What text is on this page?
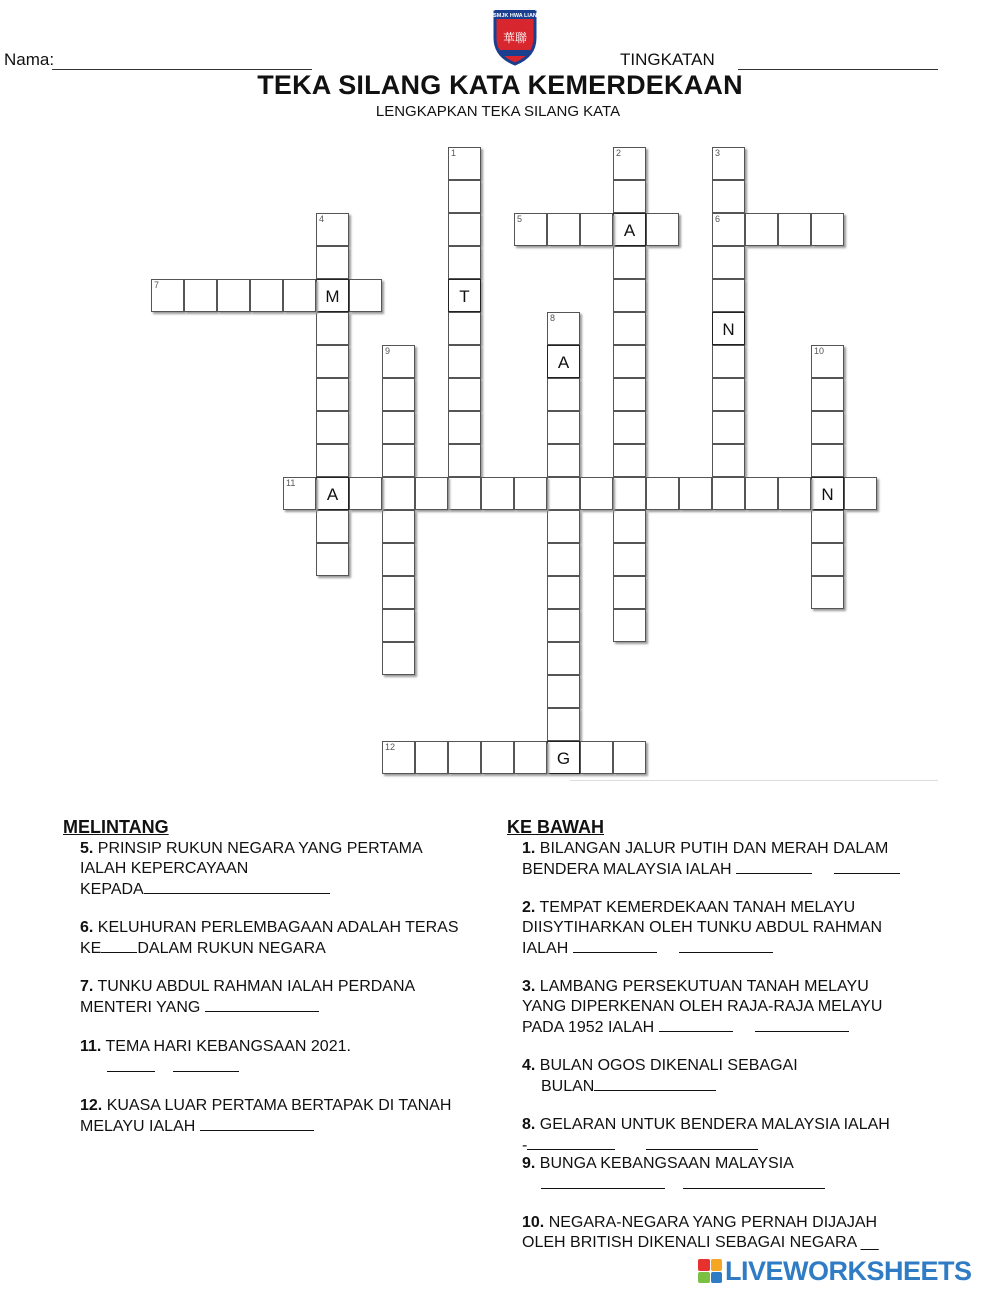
Nama:
SMJK HWA LIAN
華聯
TINGKATAN
TEKA SILANG KATA KEMERDEKAAN
LENGKAPKAN TEKA SILANG KATA
1
T
2
A
3
6
N
4
M
A
5
7
8
A
G
9	10
N
11
12
MELINTANG
5. PRINSIP RUKUN NEGARA YANG PERTAMA
IALAH KEPERCAYAAN
KEPADA
6. KELUHURAN PERLEMBAGAAN ADALAH TERAS
KE DALAM RUKUN NEGARA
7. TUNKU ABDUL RAHMAN IALAH PERDANA
MENTERI YANG
11. TEMA HARI KEBANGSAAN 2021.

12. KUASA LUAR PERTAMA BERTAPAK DI TANAH
MELAYU IALAH
KE BAWAH
1. BILANGAN JALUR PUTIH DAN MERAH DALAM
BENDERA MALAYSIA IALAH
2. TEMPAT KEMERDEKAAN TANAH MELAYU
DIISYTIHARKAN OLEH TUNKU ABDUL RAHMAN
IALAH
3. LAMBANG PERSEKUTUAN TANAH MELAYU
YANG DIPERKENAN OLEH RAJA-RAJA MELAYU
PADA 1952 IALAH
4. BULAN OGOS DIKENALI SEBAGAI
BULAN
8. GELARAN UNTUK BENDERA MALAYSIA IALAH
-
9. BUNGA KEBANGSAAN MALAYSIA

10. NEGARA-NEGARA YANG PERNAH DIJAJAH
OLEH BRITISH DIKENALI SEBAGAI NEGARA __
LIVEWORKSHEETS
